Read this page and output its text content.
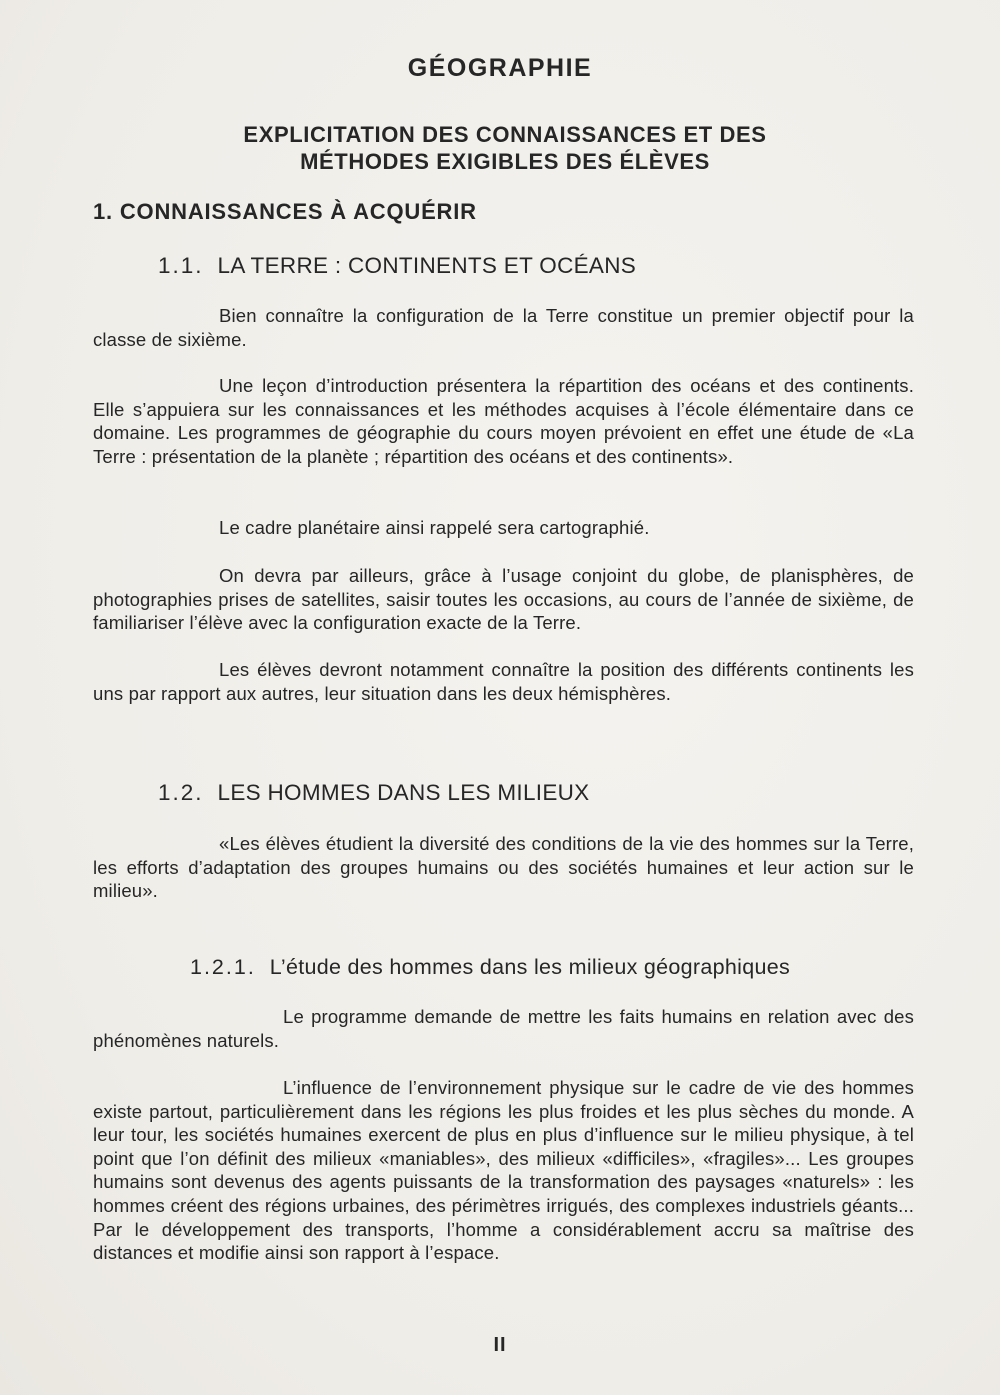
GÉOGRAPHIE
EXPLICITATION DES CONNAISSANCES ET DES
MÉTHODES EXIGIBLES DES ÉLÈVES
1. CONNAISSANCES À ACQUÉRIR
1.1. LA TERRE : CONTINENTS ET OCÉANS

Bien connaître la configuration de la Terre constitue un premier objectif pour la classe de sixième.

Une leçon d’introduction présentera la répartition des océans et des continents. Elle s’appuiera sur les connaissances et les méthodes acquises à l’école élémentaire dans ce domaine. Les programmes de géographie du cours moyen prévoient en effet une étude de «La Terre : présentation de la planète ; répartition des océans et des continents».

Le cadre planétaire ainsi rappelé sera cartographié.

On devra par ailleurs, grâce à l’usage conjoint du globe, de planisphères, de photographies prises de satellites, saisir toutes les occasions, au cours de l’année de sixième, de familiariser l’élève avec la configuration exacte de la Terre.

Les élèves devront notamment connaître la position des différents continents les uns par rapport aux autres, leur situation dans les deux hémisphères.

1.2. LES HOMMES DANS LES MILIEUX

«Les élèves étudient la diversité des conditions de la vie des hommes sur la Terre, les efforts d’adaptation des groupes humains ou des sociétés humaines et leur action sur le milieu».

1.2.1. L’étude des hommes dans les milieux géographiques

Le programme demande de mettre les faits humains en relation avec des phénomènes naturels.

L’influence de l’environnement physique sur le cadre de vie des hommes existe partout, particulièrement dans les régions les plus froides et les plus sèches du monde. A leur tour, les sociétés humaines exercent de plus en plus d’influence sur le milieu physique, à tel point que l’on définit des milieux «maniables», des milieux «difficiles», «fragiles»... Les groupes humains sont devenus des agents puissants de la transformation des paysages «naturels» : les hommes créent des régions urbaines, des périmètres irrigués, des complexes industriels géants... Par le développement des transports, l’homme a considérablement accru sa maîtrise des distances et modifie ainsi son rapport à l’espace.

II
